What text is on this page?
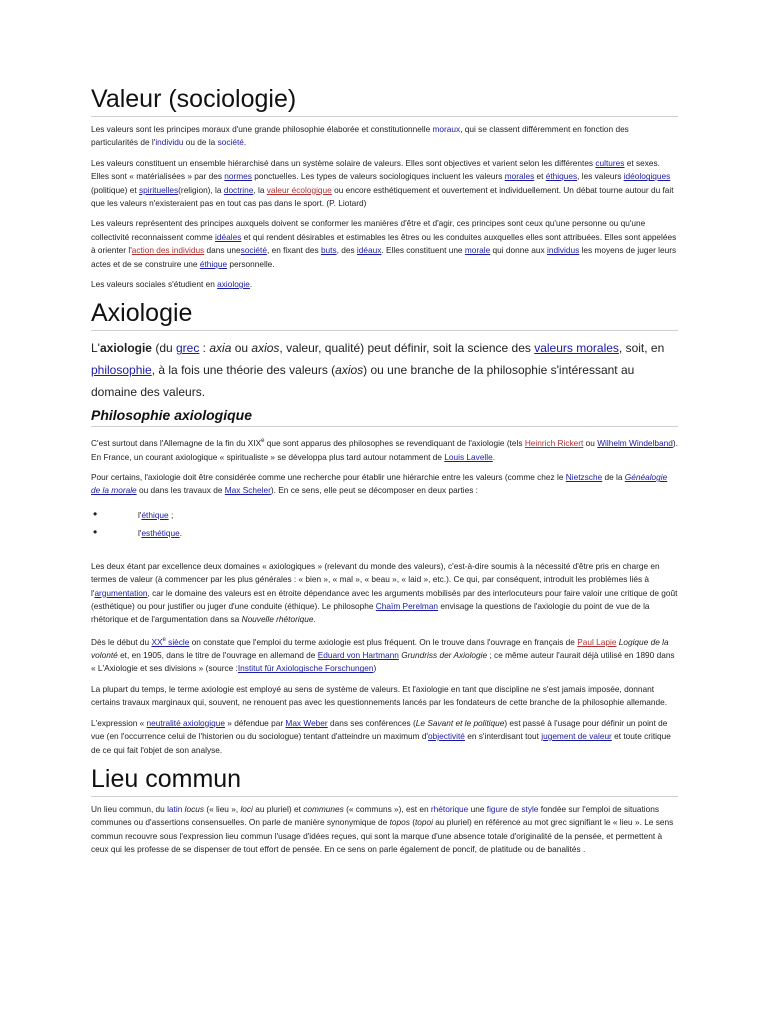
Valeur (sociologie)

Les valeurs sont les principes moraux d'une grande philosophie élaborée et constitutionnelle moraux, qui se classent différemment en fonction des particularités de l'individu ou de la société.

Les valeurs constituent un ensemble hiérarchisé dans un système solaire de valeurs. Elles sont objectives et varient selon les différentes cultures et sexes. Elles sont « matérialisées » par des normes ponctuelles. Les types de valeurs sociologiques incluent les valeurs morales et éthiques, les valeurs idéologiques (politique) et spirituelles(religion), la doctrine, la valeur écologique ou encore esthétiquement et ouvertement et individuellement. Un débat tourne autour du fait que les valeurs n'existeraient pas en tout cas pas dans le sport. (P. Liotard)

Les valeurs représentent des principes auxquels doivent se conformer les manières d'être et d'agir, ces principes sont ceux qu'une personne ou qu'une collectivité reconnaissent comme idéales et qui rendent désirables et estimables les êtres ou les conduites auxquelles elles sont attribuées. Elles sont appelées à orienter l'action des individus dans unesociété, en fixant des buts, des idéaux. Elles constituent une morale qui donne aux individus les moyens de juger leurs actes et de se construire une éthique personnelle.

Les valeurs sociales s'étudient en axiologie.

Axiologie

L'axiologie (du grec : axia ou axios, valeur, qualité) peut définir, soit la science des valeurs morales, soit, en philosophie, à la fois une théorie des valeurs (axios) ou une branche de la philosophie s'intéressant au domaine des valeurs.

Philosophie axiologique

C'est surtout dans l'Allemagne de la fin du XIXe que sont apparus des philosophes se revendiquant de l'axiologie (tels Heinrich Rickert ou Wilhelm Windelband). En France, un courant axiologique « spiritualiste » se développa plus tard autour notamment de Louis Lavelle.

Pour certains, l'axiologie doit être considérée comme une recherche pour établir une hiérarchie entre les valeurs (comme chez le Nietzsche de la Généalogie de la morale ou dans les travaux de Max Scheler). En ce sens, elle peut se décomposer en deux parties :

•	l'éthique ;
•	l'esthétique.

Les deux étant par excellence deux domaines « axiologiques » (relevant du monde des valeurs), c'est-à-dire soumis à la nécessité d'être pris en charge en termes de valeur (à commencer par les plus générales : « bien », « mal », « beau », « laid », etc.). Ce qui, par conséquent, introduit les problèmes liés à l'argumentation, car le domaine des valeurs est en étroite dépendance avec les arguments mobilisés par des interlocuteurs pour faire valoir une critique de goût (esthétique) ou pour justifier ou juger d'une conduite (éthique). Le philosophe Chaïm Perelman envisage la questions de l'axiologie du point de vue de la rhétorique et de l'argumentation dans sa Nouvelle rhétorique.

Dès le début du XXe siècle on constate que l'emploi du terme axiologie est plus fréquent. On le trouve dans l'ouvrage en français de Paul Lapie Logique de la volonté et, en 1905, dans le titre de l'ouvrage en allemand de Eduard von Hartmann Grundriss der Axiologie ; ce même auteur l'aurait déjà utilisé en 1890 dans « L'Axiologie et ses divisions » (source :Institut für Axiologische Forschungen)

La plupart du temps, le terme axiologie est employé au sens de système de valeurs. Et l'axiologie en tant que discipline ne s'est jamais imposée, donnant certains travaux marginaux qui, souvent, ne renouent pas avec les questionnements lancés par les fondateurs de cette branche de la philosophie allemande.

L'expression « neutralité axiologique » défendue par Max Weber dans ses conférences (Le Savant et le politique) est passé à l'usage pour définir un point de vue (en l'occurrence celui de l'historien ou du sociologue) tentant d'atteindre un maximum d'objectivité en s'interdisant tout jugement de valeur et toute critique de ce qui fait l'objet de son analyse.

Lieu commun

Un lieu commun, du latin locus (« lieu », loci au pluriel) et communes (« communs »), est en rhétorique une figure de style fondée sur l'emploi de situations communes ou d'assertions consensuelles. On parle de manière synonymique de topos (topoi au pluriel) en référence au mot grec signifiant le « lieu ». Le sens commun recouvre sous l'expression lieu commun l'usage d'idées reçues, qui sont la marque d'une absence totale d'originalité de la pensée, et permettent à ceux qui les professe de se dispenser de tout effort de pensée. En ce sens on parle également de poncif, de platitude ou de banalités .
